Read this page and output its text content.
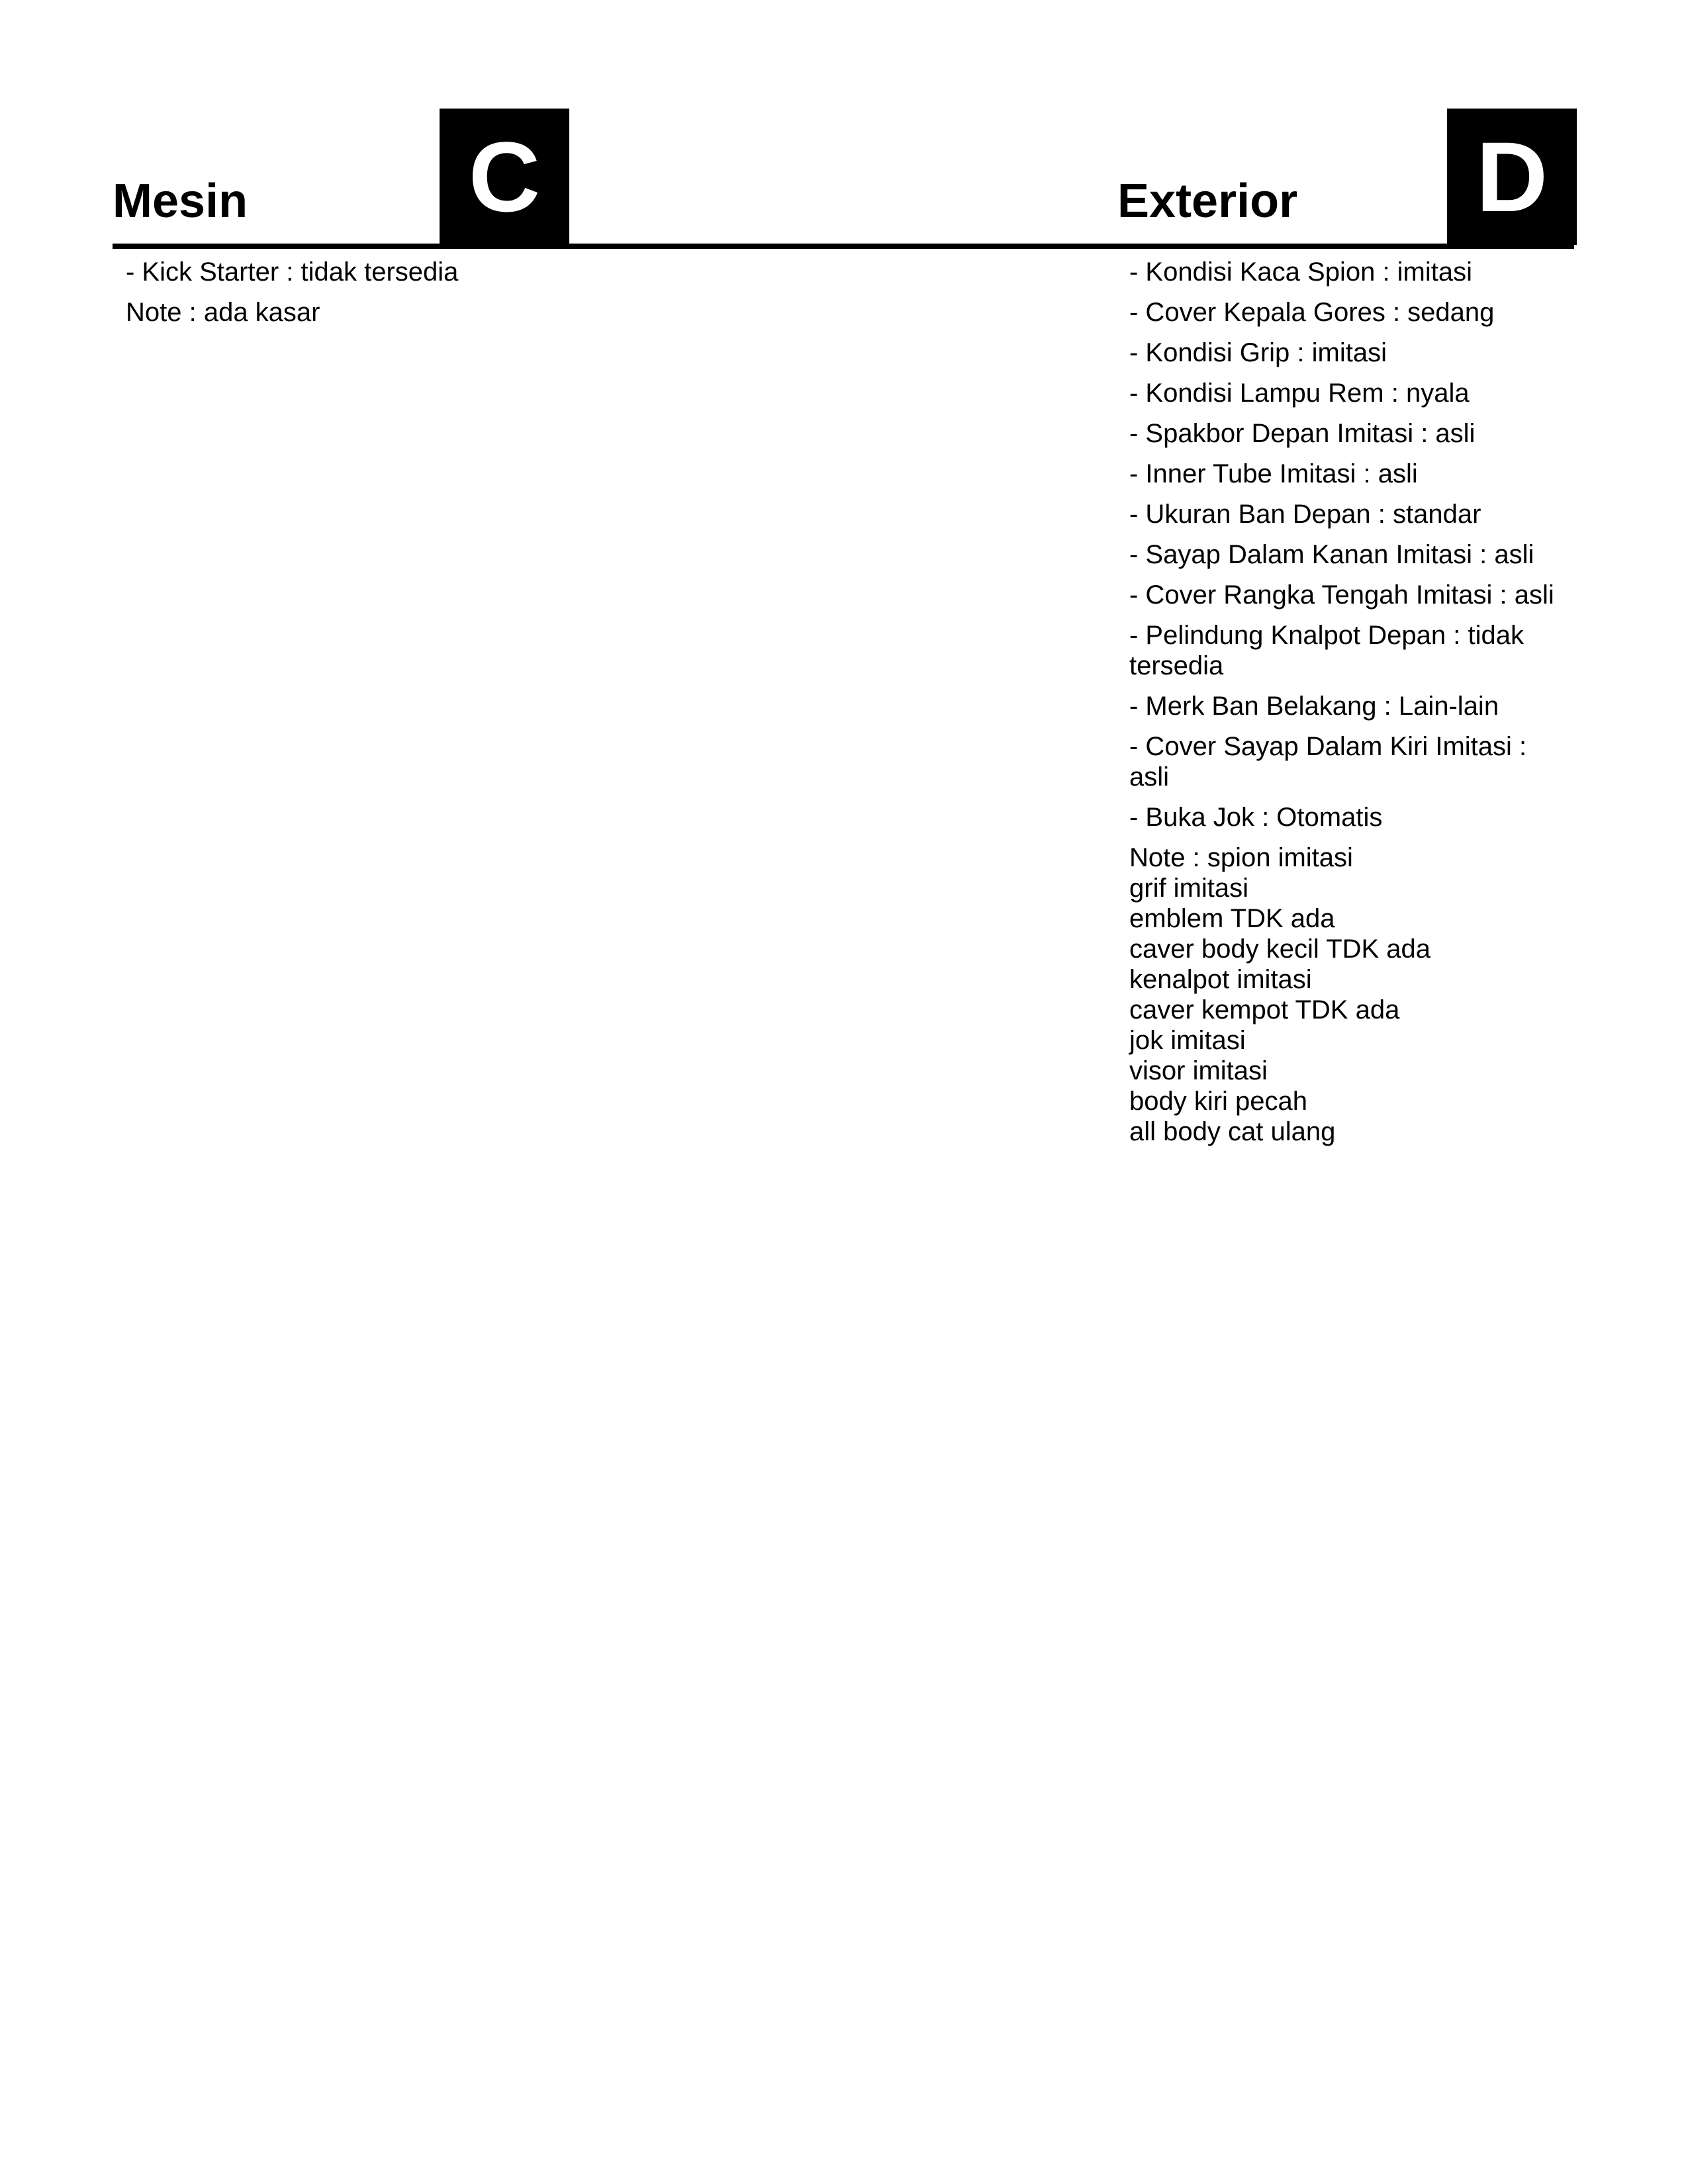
Mesin C	Exterior D
- Kick Starter : tidak tersedia
Note : ada kasar
- Kondisi Kaca Spion : imitasi
- Cover Kepala Gores : sedang
- Kondisi Grip : imitasi
- Kondisi Lampu Rem : nyala
- Spakbor Depan Imitasi : asli
- Inner Tube Imitasi : asli
- Ukuran Ban Depan : standar
- Sayap Dalam Kanan Imitasi : asli
- Cover Rangka Tengah Imitasi : asli
- Pelindung Knalpot Depan : tidak tersedia
- Merk Ban Belakang : Lain-lain
- Cover Sayap Dalam Kiri Imitasi : asli
- Buka Jok : Otomatis
Note : spion imitasi
grif imitasi
emblem TDK ada
caver body kecil TDK ada
kenalpot imitasi
caver kempot TDK ada
jok imitasi
visor imitasi
body kiri pecah
all body cat ulang
